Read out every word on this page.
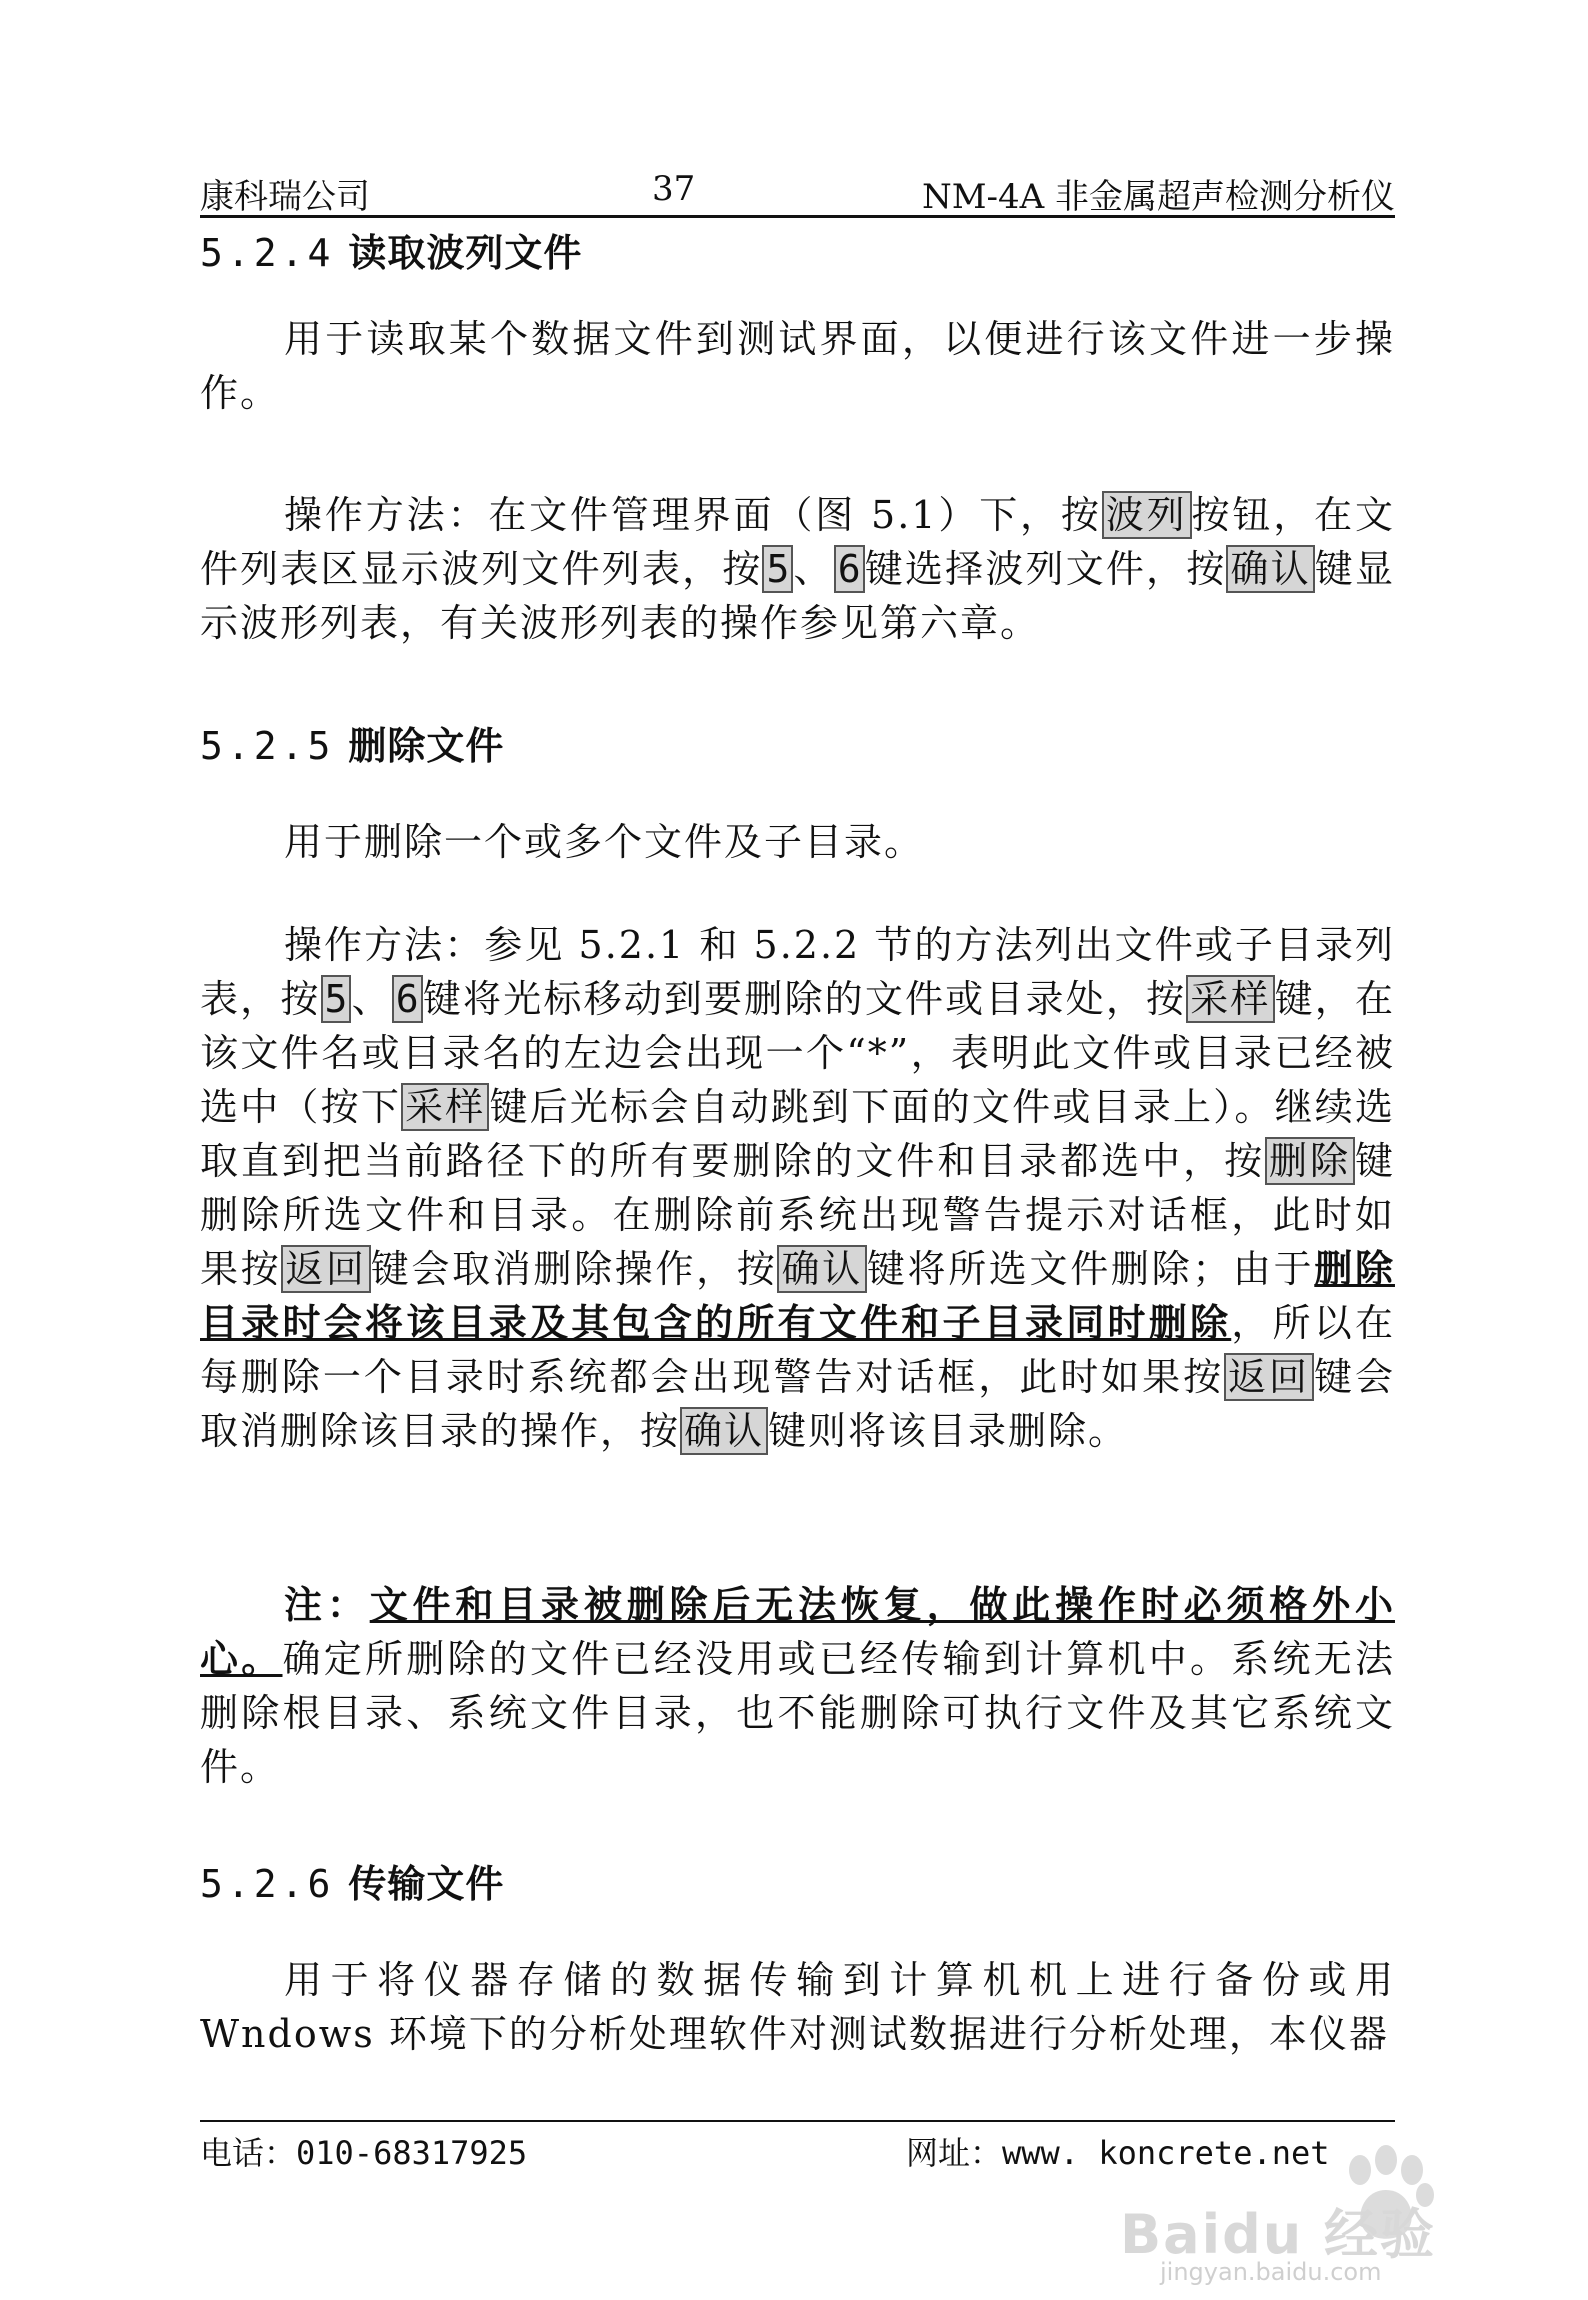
康科瑞公司	37	NM-4A 非金属超声检测分析仪
5.2.4 读取波列文件
用于读取某个数据文件到测试界面，以便进行该文件进一步操作。
操作方法：在文件管理界面（图 5.1）下，按 波列 按钮，在文件列表区显示波列文件列表，按 5 、 6 键选择波列文件，按 确认 键显示波形列表，有关波形列表的操作参见第六章。
5.2.5 删除文件
用于删除一个或多个文件及子目录。
操作方法：参见 5.2.1 和 5.2.2 节的方法列出文件或子目录列表，按 5 、 6 键将光标移动到要删除的文件或目录处，按 采样 键，在该文件名或目录名的左边会出现一个“*”，表明此文件或目录已经被选中（按下 采样 键后光标会自动跳到下面的文件或目录上）。继续选取直到把当前路径下的所有要删除的文件和目录都选中，按 删除 键删除所选文件和目录。在删除前系统出现警告提示对话框，此时如果按 返回 键会取消删除操作，按 确认 键将所选文件删除；由于删除目录时会将该目录及其包含的所有文件和子目录同时删除，所以在每删除一个目录时系统都会出现警告对话框，此时如果按 返回 键会取消删除该目录的操作，按 确认 键则将该目录删除。
注：文件和目录被删除后无法恢复，做此操作时必须格外小心。确定所删除的文件已经没用或已经传输到计算机中。系统无法删除根目录、系统文件目录，也不能删除可执行文件及其它系统文件。
5.2.6 传输文件
用于将仪器存储的数据传输到计算机机上进行备份或用Wndows 环境下的分析处理软件对测试数据进行分析处理，本仪器
电话：010-68317925	网址：www. koncrete.net
Baidu 经验
jingyan.baidu.com
